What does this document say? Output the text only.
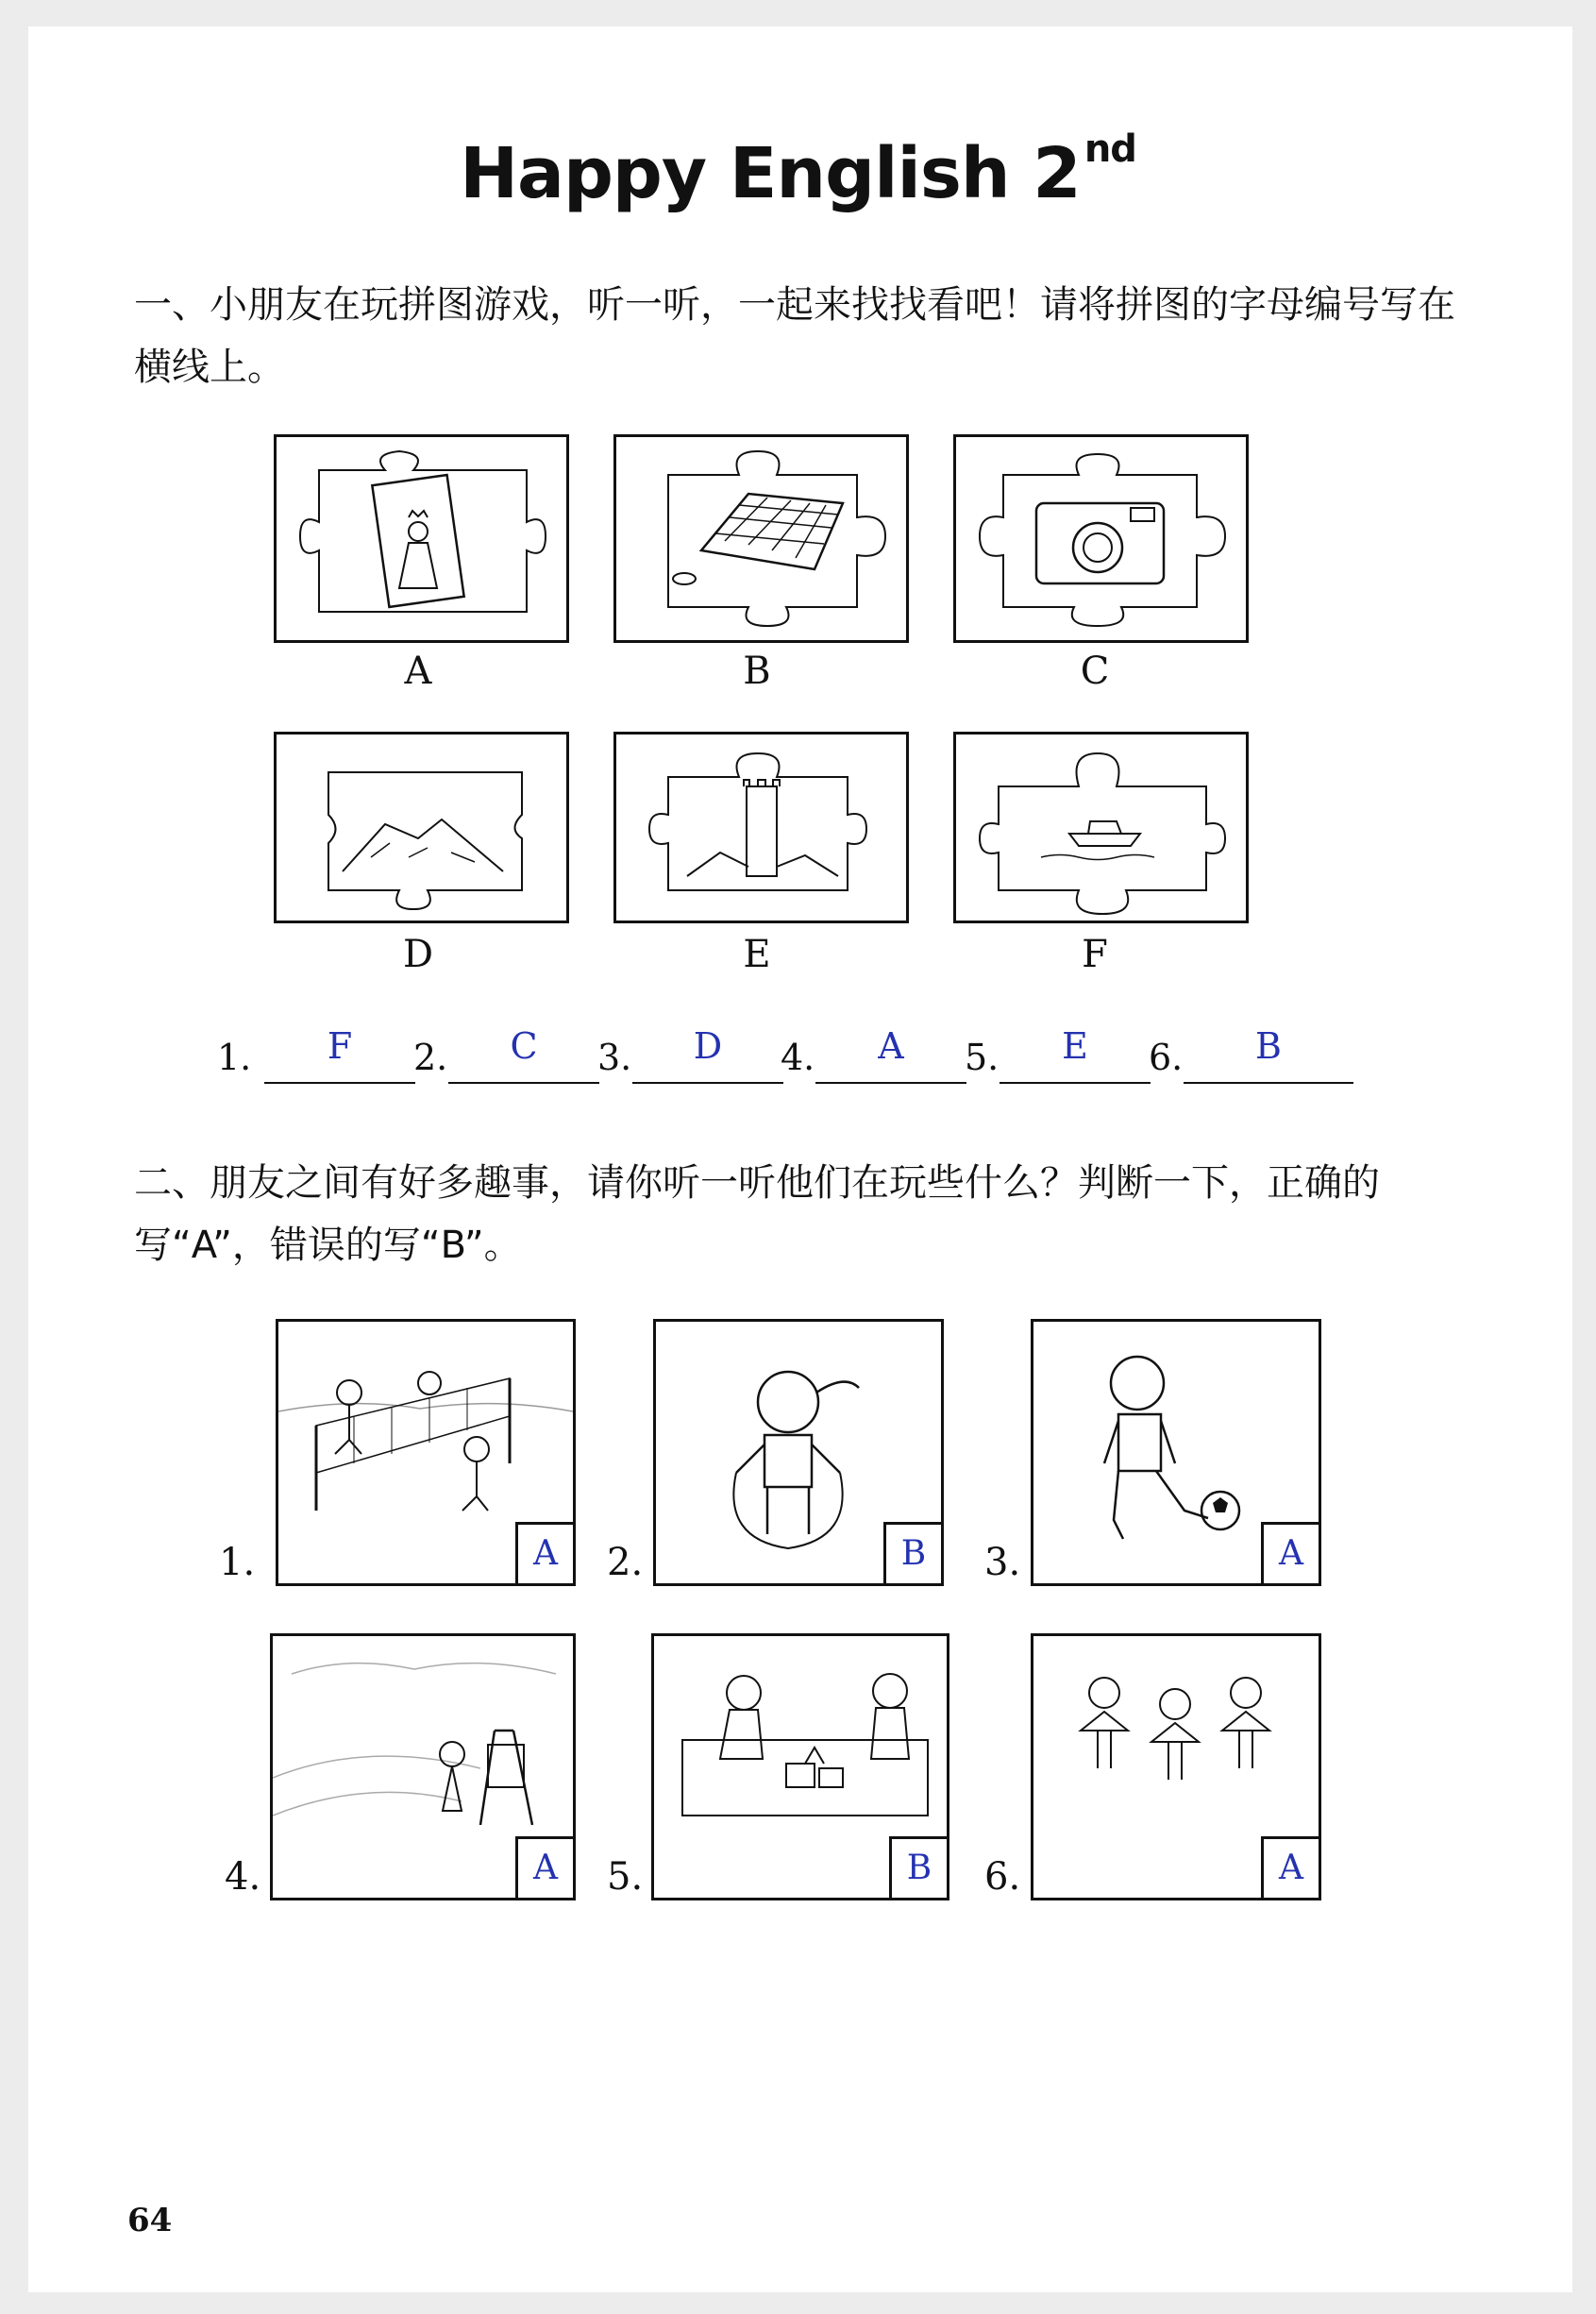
Happy English 2 $^{nd}$
一、小朋友在玩拼图游戏，听一听，一起来找找看吧！请将拼图的字母编号写在横线上。
A	B	C
D	E	F
1.	F	2.	C	3.	D	4.	A	5.	E	6.	B
二、朋友之间有好多趣事，请你听一听他们在玩些什么？判断一下，正确的写“A”，错误的写“B”。
1.	A	2.	B	3.	A
4.	A	5.	B	6.	A
64
